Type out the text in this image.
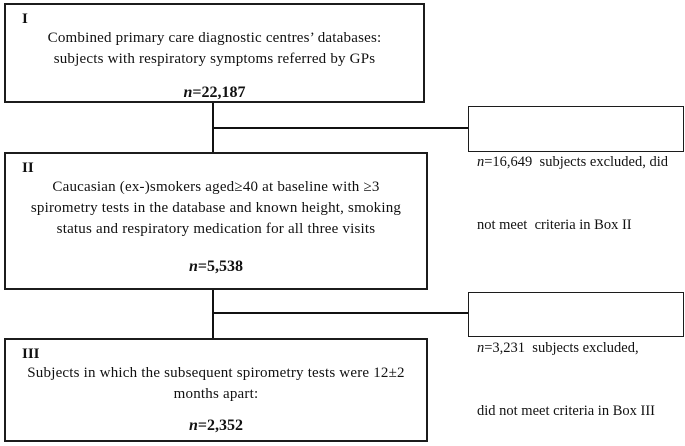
I
Combined primary care diagnostic centres’ databases:
subjects with respiratory symptoms referred by GPs
n=22,187

n=16,649  subjects excluded, did

not meet  criteria in Box II

II
Caucasian (ex-)smokers aged≥40 at baseline with ≥3
spirometry tests in the database and known height, smoking
status and respiratory medication for all three visits
n=5,538

n=3,231  subjects excluded,

did not meet criteria in Box III

III
Subjects in which the subsequent spirometry tests were 12±2
months apart:
n=2,352
